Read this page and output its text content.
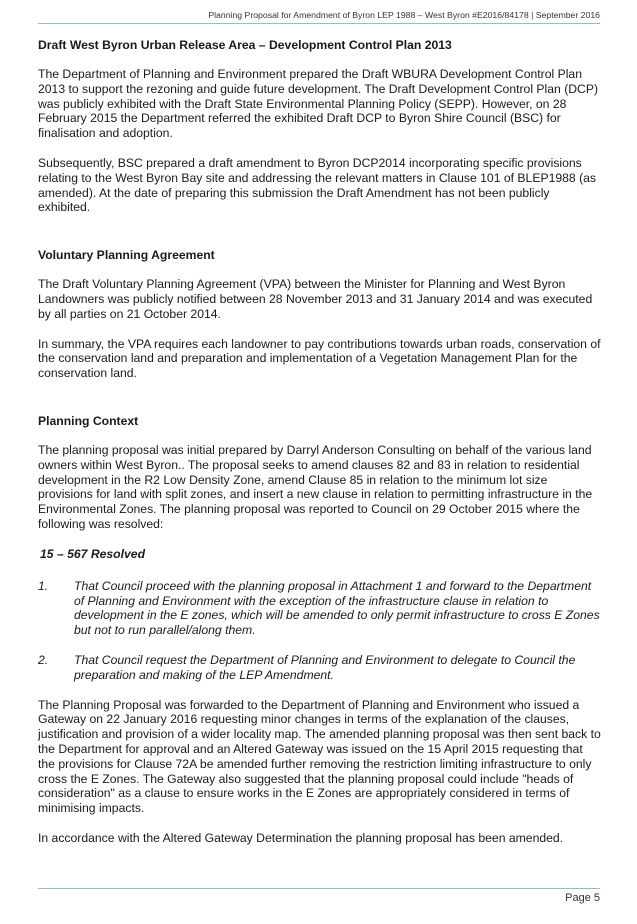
Planning Proposal for Amendment of Byron LEP 1988 – West Byron #E2016/84178 | September 2016
Draft West Byron Urban Release Area – Development Control Plan 2013

The Department of Planning and Environment prepared the Draft WBURA Development Control Plan 2013 to support the rezoning and guide future development. The Draft Development Control Plan (DCP) was publicly exhibited with the Draft State Environmental Planning Policy (SEPP). However, on 28 February 2015 the Department referred the exhibited Draft DCP to Byron Shire Council (BSC) for finalisation and adoption.

Subsequently, BSC prepared a draft amendment to Byron DCP2014 incorporating specific provisions relating to the West Byron Bay site and addressing the relevant matters in Clause 101 of BLEP1988 (as amended). At the date of preparing this submission the Draft Amendment has not been publicly exhibited.

Voluntary Planning Agreement

The Draft Voluntary Planning Agreement (VPA) between the Minister for Planning and West Byron Landowners was publicly notified between 28 November 2013 and 31 January 2014 and was executed by all parties on 21 October 2014.

In summary, the VPA requires each landowner to pay contributions towards urban roads, conservation of the conservation land and preparation and implementation of a Vegetation Management Plan for the conservation land.

Planning Context

The planning proposal was initial prepared by Darryl Anderson Consulting on behalf of the various land owners within West Byron.. The proposal seeks to amend clauses 82 and 83 in relation to residential development in the R2 Low Density Zone, amend Clause 85 in relation to the minimum lot size provisions for land with split zones, and insert a new clause in relation to permitting infrastructure in the Environmental Zones. The planning proposal was reported to Council on 29 October 2015 where the following was resolved:

15 – 567 Resolved
1.	That Council proceed with the planning proposal in Attachment 1 and forward to the Department of Planning and Environment with the exception of the infrastructure clause in relation to development in the E zones, which will be amended to only permit infrastructure to cross E Zones but not to run parallel/along them.
2.	That Council request the Department of Planning and Environment to delegate to Council the preparation and making of the LEP Amendment.

The Planning Proposal was forwarded to the Department of Planning and Environment who issued a Gateway on 22 January 2016 requesting minor changes in terms of the explanation of the clauses, justification and provision of a wider locality map. The amended planning proposal was then sent back to the Department for approval and an Altered Gateway was issued on the 15 April 2015 requesting that the provisions for Clause 72A be amended further removing the restriction limiting infrastructure to only cross the E Zones. The Gateway also suggested that the planning proposal could include "heads of consideration" as a clause to ensure works in the E Zones are appropriately considered in terms of minimising impacts.

In accordance with the Altered Gateway Determination the planning proposal has been amended.

Page 5
